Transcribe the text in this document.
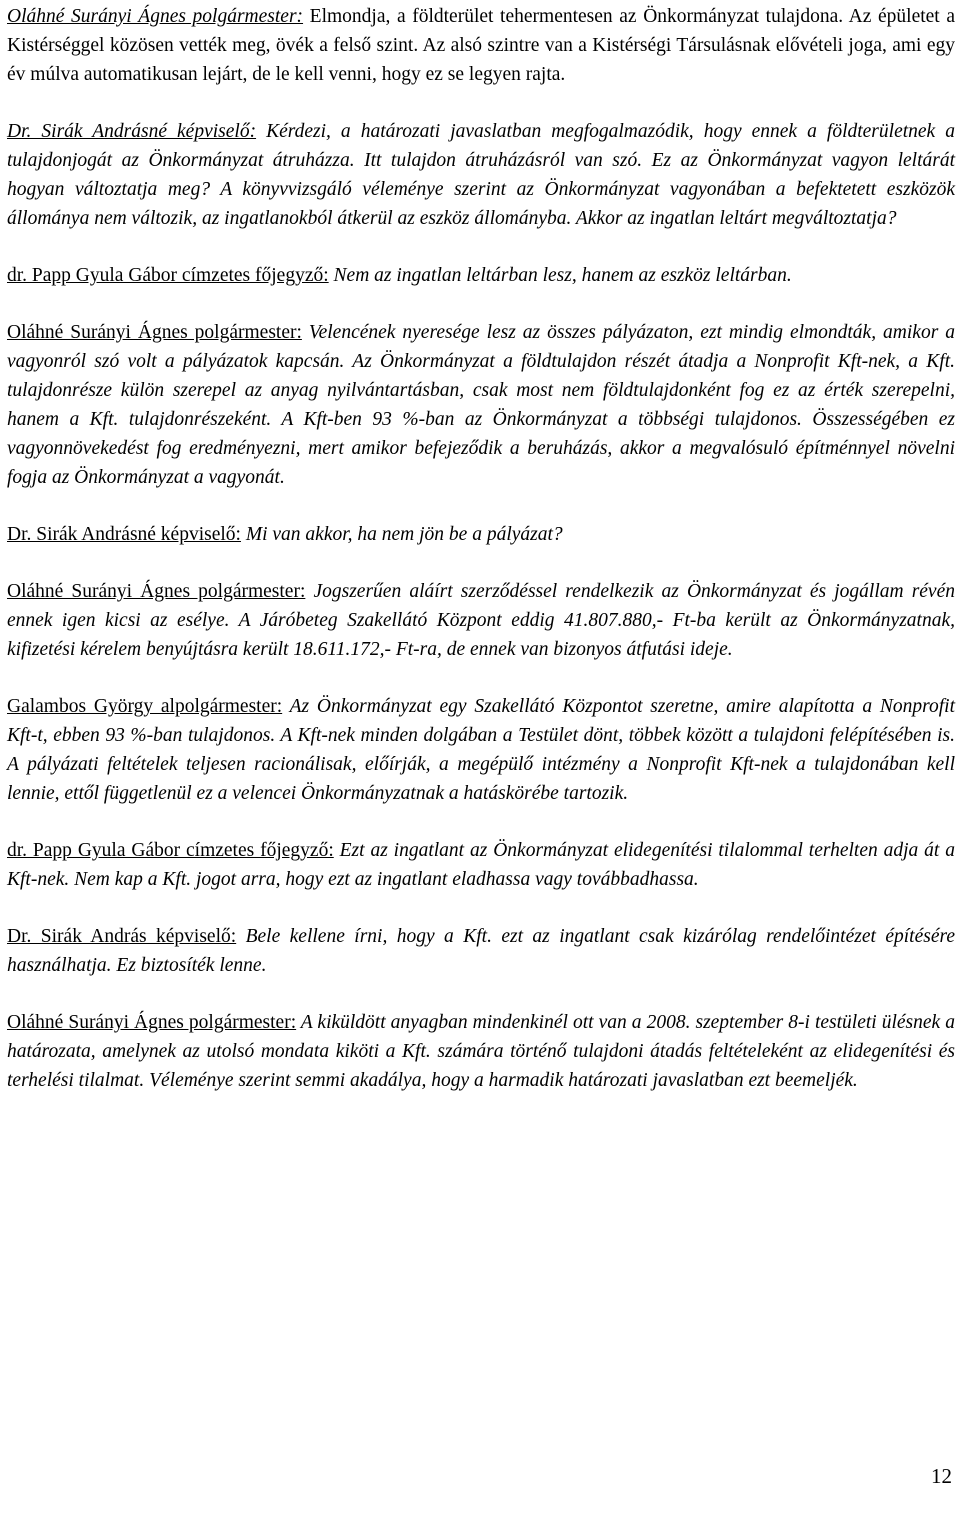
Oláhné Surányi Ágnes polgármester: Elmondja, a földterület tehermentesen az Önkormányzat tulajdona. Az épületet a Kistérséggel közösen vették meg, övék a felső szint. Az alsó szintre van a Kistérségi Társulásnak elővételi joga, ami egy év múlva automatikusan lejárt, de le kell venni, hogy ez se legyen rajta.

Dr. Sirák Andrásné képviselő: Kérdezi, a határozati javaslatban megfogalmazódik, hogy ennek a földterületnek a tulajdonjogát az Önkormányzat átruházza. Itt tulajdon átruházásról van szó. Ez az Önkormányzat vagyon leltárát hogyan változtatja meg? A könyvvizsgáló véleménye szerint az Önkormányzat vagyonában a befektetett eszközök állománya nem változik, az ingatlanokból átkerül az eszköz állományba. Akkor az ingatlan leltárt megváltoztatja?

dr. Papp Gyula Gábor címzetes főjegyző: Nem az ingatlan leltárban lesz, hanem az eszköz leltárban.

Oláhné Surányi Ágnes polgármester: Velencének nyeresége lesz az összes pályázaton, ezt mindig elmondták, amikor a vagyonról szó volt a pályázatok kapcsán. Az Önkormányzat a földtulajdon részét átadja a Nonprofit Kft-nek, a Kft. tulajdonrésze külön szerepel az anyag nyilvántartásban, csak most nem földtulajdonként fog ez az érték szerepelni, hanem a Kft. tulajdonrészeként. A Kft-ben 93 %-ban az Önkormányzat a többségi tulajdonos. Összességében ez vagyonnövekedést fog eredményezni, mert amikor befejeződik a beruházás, akkor a megvalósuló építménnyel növelni fogja az Önkormányzat a vagyonát.

Dr. Sirák Andrásné képviselő: Mi van akkor, ha nem jön be a pályázat?

Oláhné Surányi Ágnes polgármester: Jogszerűen aláírt szerződéssel rendelkezik az Önkormányzat és jogállam révén ennek igen kicsi az esélye. A Járóbeteg Szakellátó Központ eddig 41.807.880,- Ft-ba került az Önkormányzatnak, kifizetési kérelem benyújtásra került 18.611.172,- Ft-ra, de ennek van bizonyos átfutási ideje.

Galambos György alpolgármester: Az Önkormányzat egy Szakellátó Központot szeretne, amire alapította a Nonprofit Kft-t, ebben 93 %-ban tulajdonos. A Kft-nek minden dolgában a Testület dönt, többek között a tulajdoni felépítésében is. A pályázati feltételek teljesen racionálisak, előírják, a megépülő intézmény a Nonprofit Kft-nek a tulajdonában kell lennie, ettől függetlenül ez a velencei Önkormányzatnak a hatáskörébe tartozik.

dr. Papp Gyula Gábor címzetes főjegyző: Ezt az ingatlant az Önkormányzat elidegenítési tilalommal terhelten adja át a Kft-nek. Nem kap a Kft. jogot arra, hogy ezt az ingatlant eladhassa vagy továbbadhassa.

Dr. Sirák András képviselő: Bele kellene írni, hogy a Kft. ezt az ingatlant csak kizárólag rendelőintézet építésére használhatja. Ez biztosíték lenne.

Oláhné Surányi Ágnes polgármester: A kiküldött anyagban mindenkinél ott van a 2008. szeptember 8-i testületi ülésnek a határozata, amelynek az utolsó mondata kiköti a Kft. számára történő tulajdoni átadás feltételeként az elidegenítési és terhelési tilalmat. Véleménye szerint semmi akadálya, hogy a harmadik határozati javaslatban ezt beemeljék.

12
